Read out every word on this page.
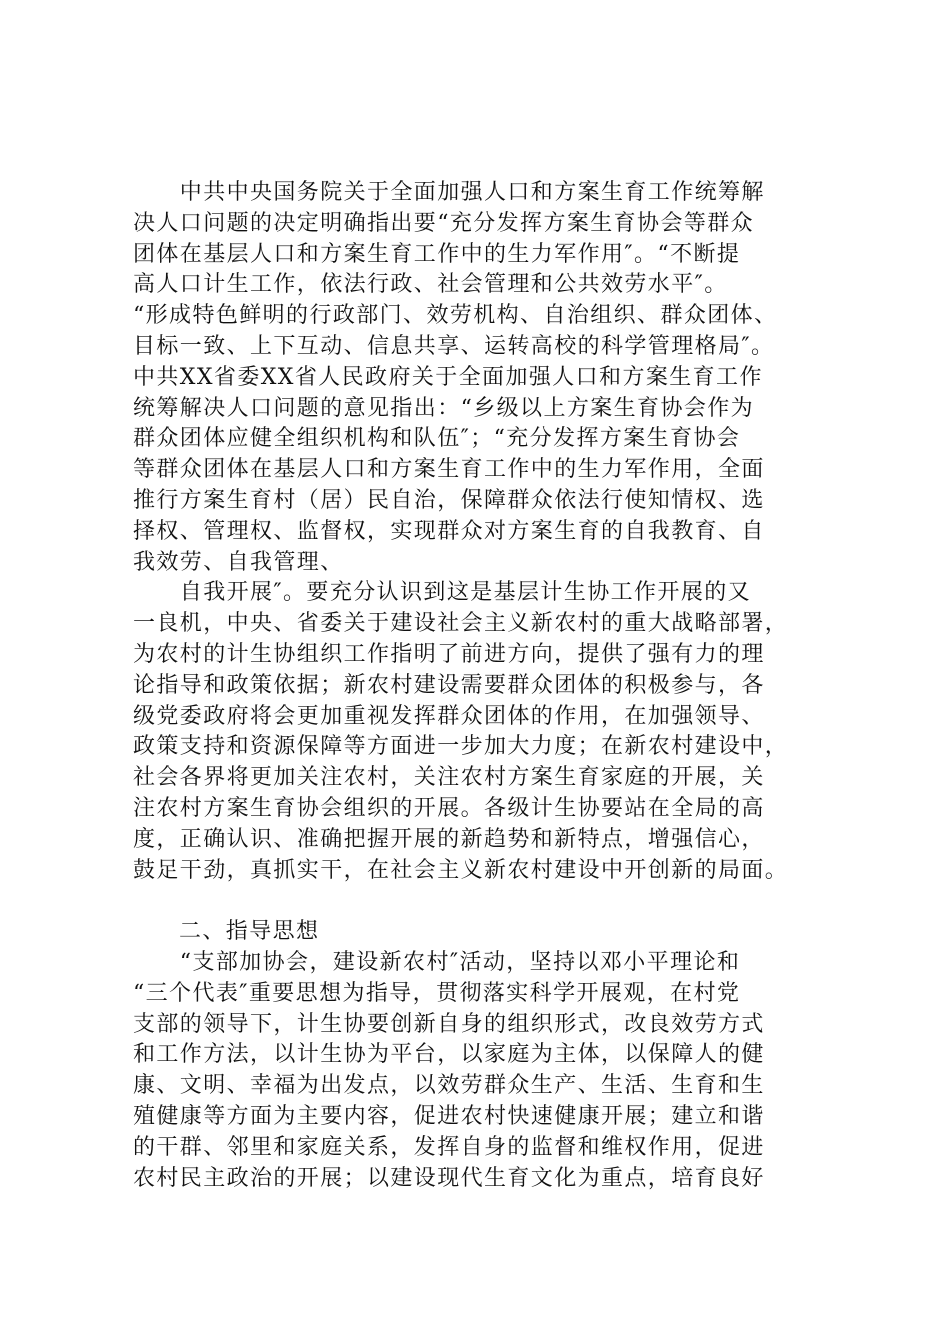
　　中共中央国务院关于全面加强人口和方案生育工作统筹解
决人口问题的决定明确指出要“充分发挥方案生育协会等群众
团体在基层人口和方案生育工作中的生力军作用″。“不断提
高人口计生工作，依法行政、社会管理和公共效劳水平″。
“形成特色鲜明的行政部门、效劳机构、自治组织、群众团体、
目标一致、上下互动、信息共享、运转高校的科学管理格局″。
中共XX省委XX省人民政府关于全面加强人口和方案生育工作
统筹解决人口问题的意见指出：“乡级以上方案生育协会作为
群众团体应健全组织机构和队伍″；“充分发挥方案生育协会
等群众团体在基层人口和方案生育工作中的生力军作用，全面
推行方案生育村（居）民自治，保障群众依法行使知情权、选
择权、管理权、监督权，实现群众对方案生育的自我教育、自
我效劳、自我管理、

　　自我开展″。要充分认识到这是基层计生协工作开展的又
一良机，中央、省委关于建设社会主义新农村的重大战略部署，
为农村的计生协组织工作指明了前进方向，提供了强有力的理
论指导和政策依据；新农村建设需要群众团体的积极参与，各
级党委政府将会更加重视发挥群众团体的作用，在加强领导、
政策支持和资源保障等方面进一步加大力度；在新农村建设中，
社会各界将更加关注农村，关注农村方案生育家庭的开展，关
注农村方案生育协会组织的开展。各级计生协要站在全局的高
度，正确认识、准确把握开展的新趋势和新特点，增强信心，
鼓足干劲，真抓实干，在社会主义新农村建设中开创新的局面。

二、指导思想

　　“支部加协会，建设新农村″活动，坚持以邓小平理论和
“三个代表″重要思想为指导，贯彻落实科学开展观，在村党
支部的领导下，计生协要创新自身的组织形式，改良效劳方式
和工作方法，以计生协为平台，以家庭为主体，以保障人的健
康、文明、幸福为出发点，以效劳群众生产、生活、生育和生
殖健康等方面为主要内容，促进农村快速健康开展；建立和谐
的干群、邻里和家庭关系，发挥自身的监督和维权作用，促进
农村民主政治的开展；以建设现代生育文化为重点，培育良好
